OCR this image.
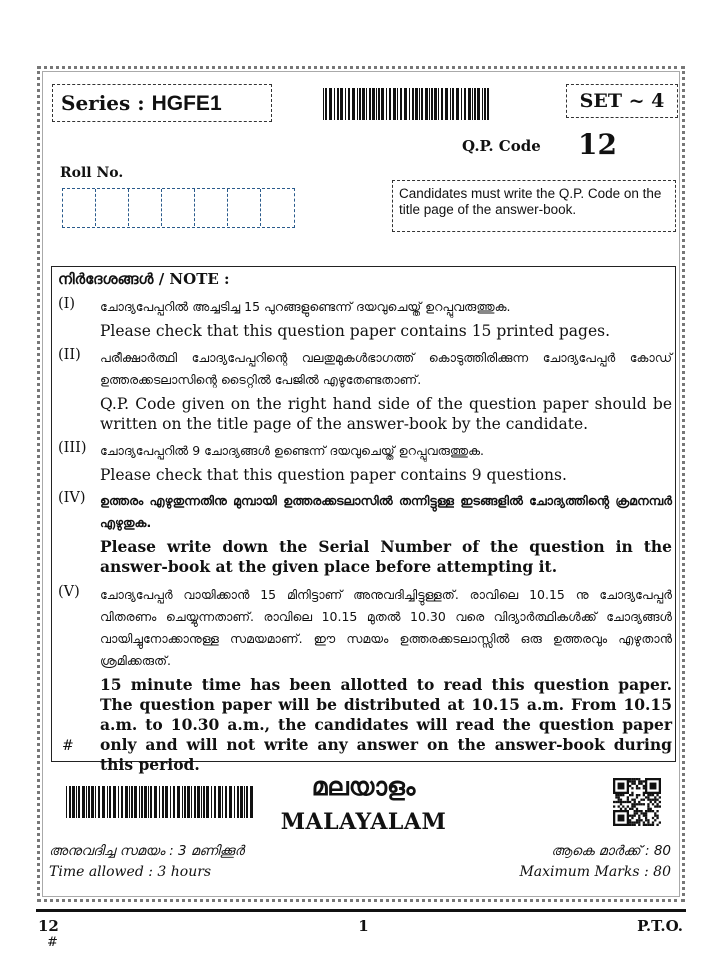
Series : HGFE1	SET ~ 4
Q.P. Code 12
Roll No.
Candidates must write the Q.P. Code on the title page of the answer-book.
നിർദേശങ്ങൾ / NOTE :
(I) ചോദ്യപേപ്പറിൽ അച്ചടിച്ച 15 പുറങ്ങളുണ്ടെന്ന് ദയവുചെയ്ത് ഉറപ്പുവരുത്തുക.
Please check that this question paper contains 15 printed pages.
(II) പരീക്ഷാർത്ഥി ചോദ്യപേപ്പറിന്റെ വലതുമുകൾഭാഗത്ത് കൊടുത്തിരിക്കുന്ന ചോദ്യപേപ്പർ കോഡ് ഉത്തരക്കടലാസിന്റെ ടൈറ്റിൽ പേജിൽ എഴുതേണ്ടതാണ്.
Q.P. Code given on the right hand side of the question paper should be written on the title page of the answer-book by the candidate.
(III) ചോദ്യപേപ്പറിൽ 9 ചോദ്യങ്ങൾ ഉണ്ടെന്ന് ദയവുചെയ്ത് ഉറപ്പുവരുത്തുക.
Please check that this question paper contains 9 questions.
(IV) ഉത്തരം എഴുതുന്നതിനു മുമ്പായി ഉത്തരക്കടലാസിൽ തന്നിട്ടുള്ള ഇടങ്ങളിൽ ചോദ്യത്തിന്റെ ക്രമനമ്പർ എഴുതുക.
Please write down the Serial Number of the question in the answer-book at the given place before attempting it.
(V) ചോദ്യപേപ്പർ വായിക്കാൻ 15 മിനിട്ടാണ് അനുവദിച്ചിട്ടുള്ളത്. രാവിലെ 10.15 നു ചോദ്യപേപ്പർ വിതരണം ചെയ്യുന്നതാണ്. രാവിലെ 10.15 മുതൽ 10.30 വരെ വിദ്യാർത്ഥികൾക്ക് ചോദ്യങ്ങൾ വായിച്ചുനോക്കാനുള്ള സമയമാണ്. ഈ സമയം ഉത്തരക്കടലാസ്സിൽ ഒരു ഉത്തരവും എഴുതാൻ ശ്രമിക്കരുത്.
15 minute time has been allotted to read this question paper. The question paper will be distributed at 10.15 a.m. From 10.15 a.m. to 10.30 a.m., the candidates will read the question paper only and will not write any answer on the answer-book during this period.
#
മലയാളം
MALAYALAM
അനുവദിച്ച സമയം : 3 മണിക്കൂർ
Time allowed : 3 hours
ആകെ മാർക്ക് : 80
Maximum Marks : 80
12	1	P.T.O.
#
